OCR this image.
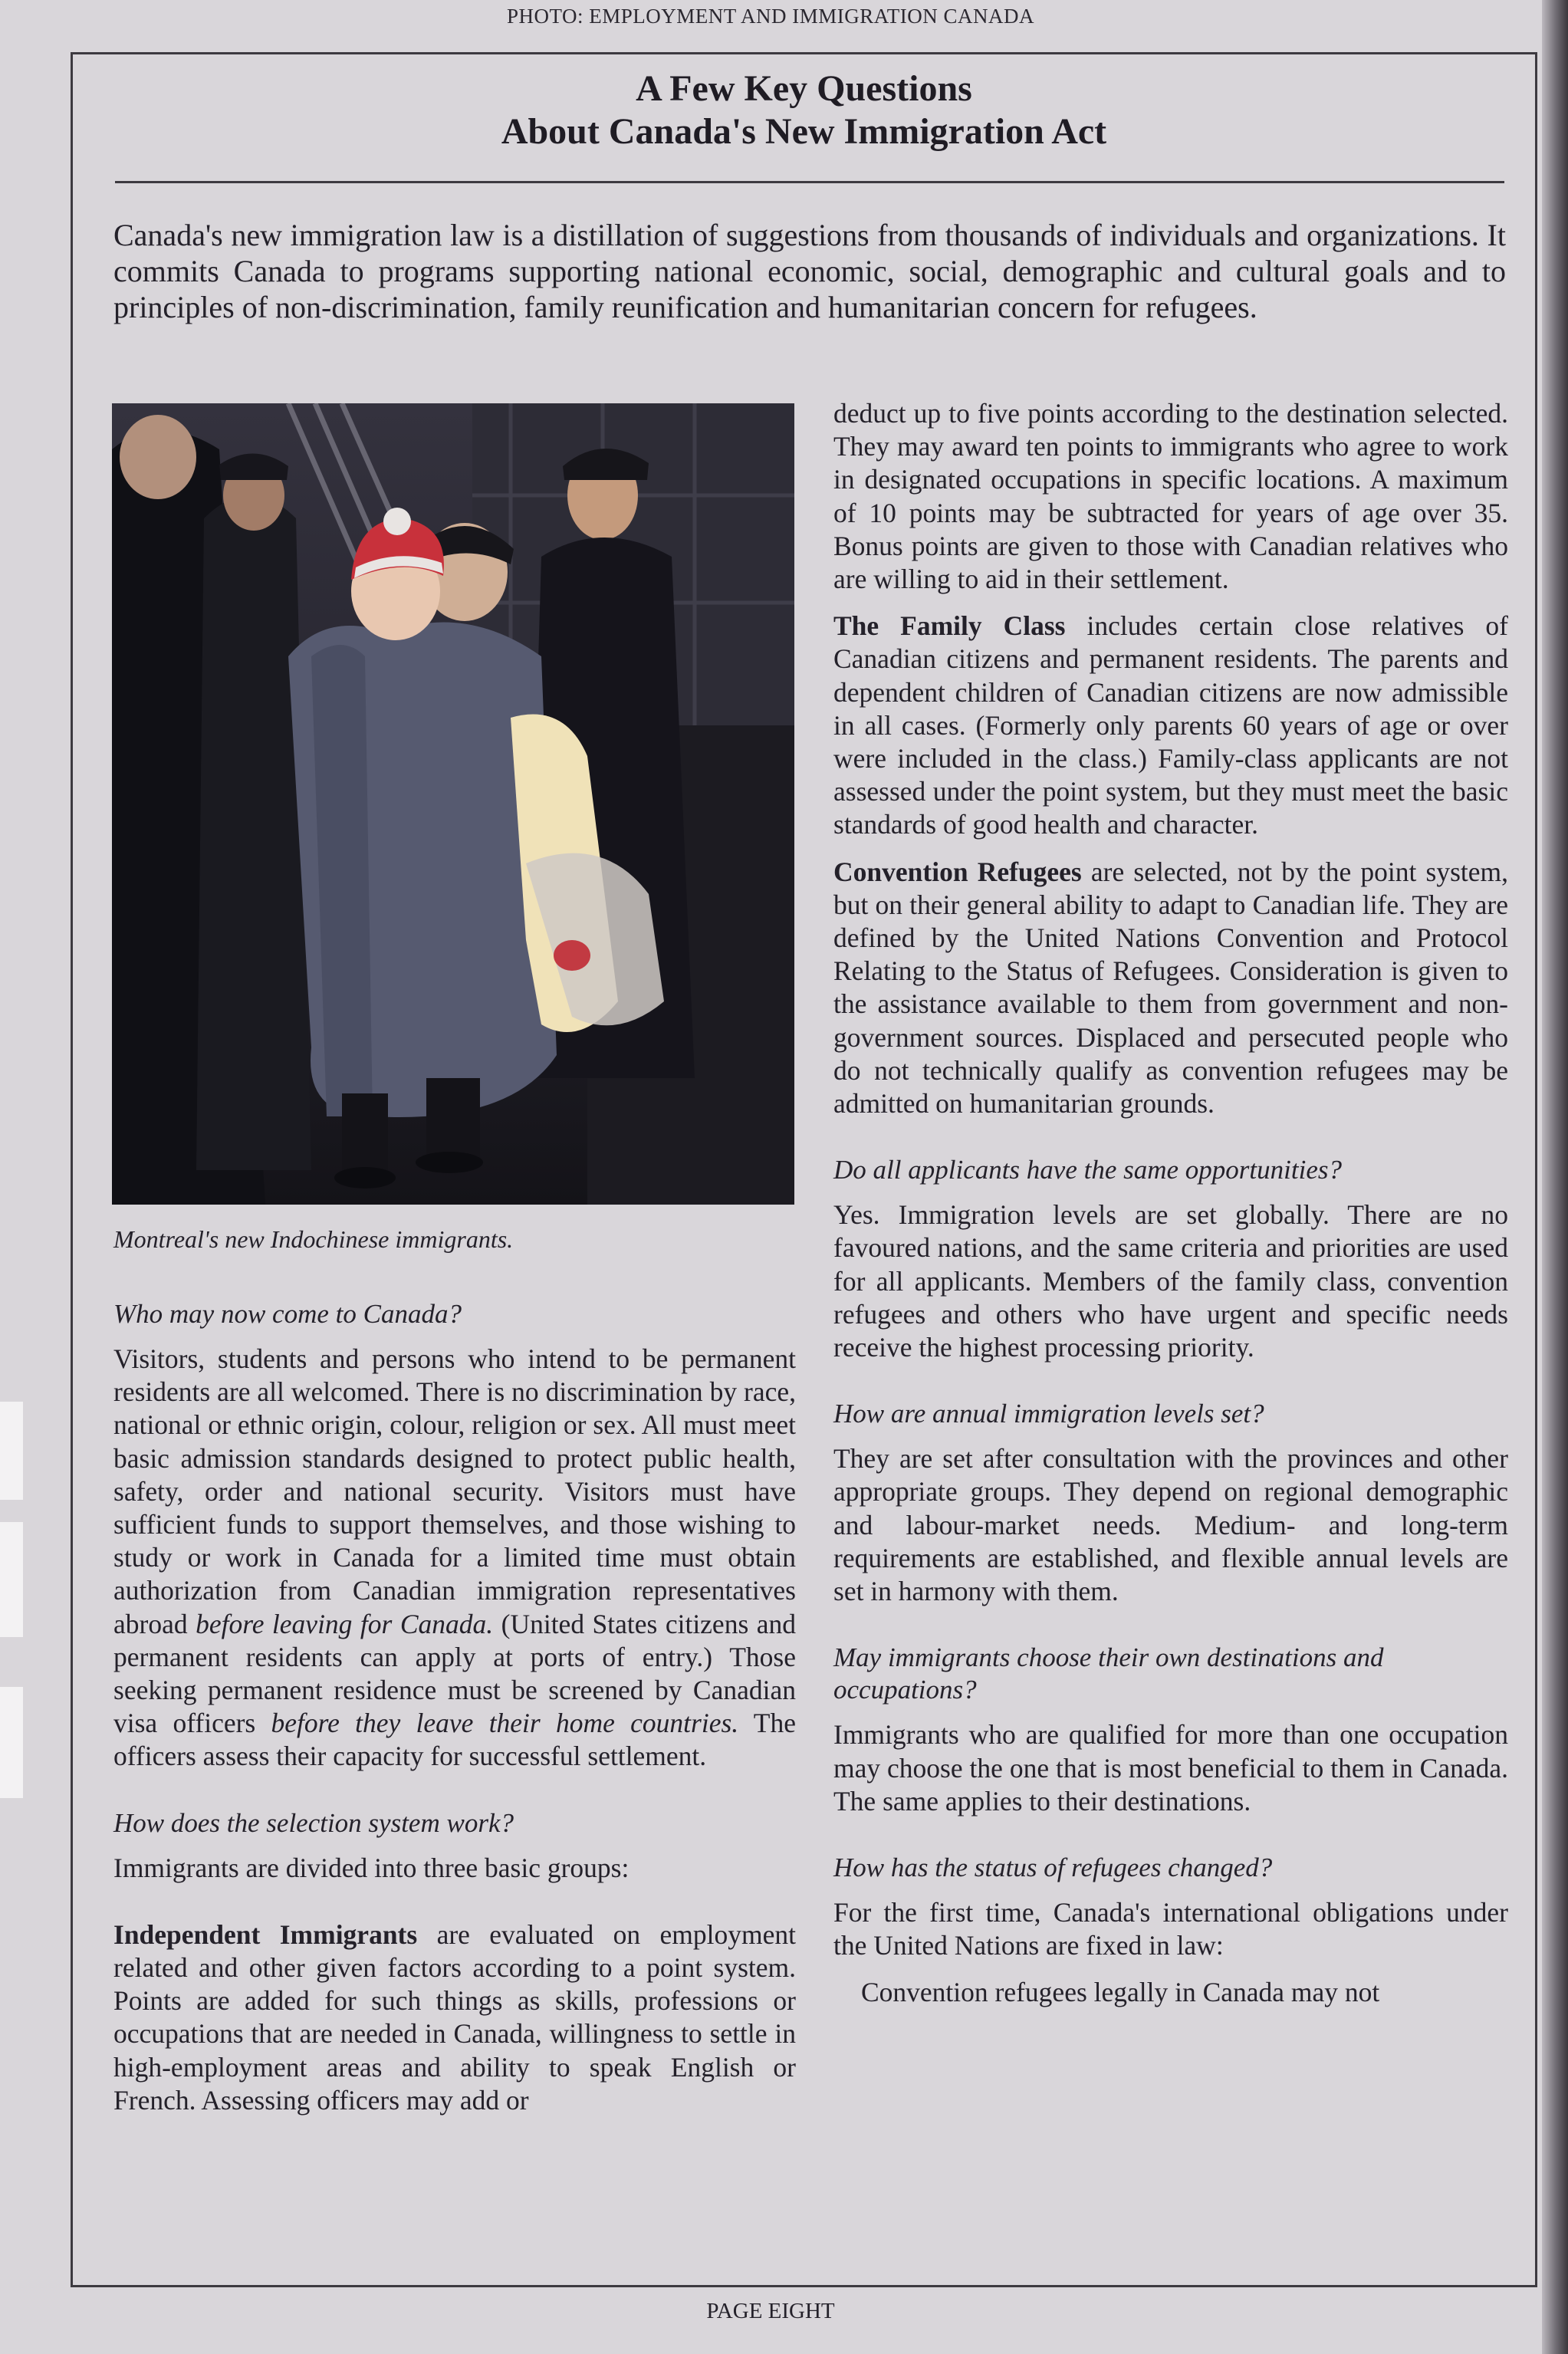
PHOTO: EMPLOYMENT AND IMMIGRATION CANADA
A Few Key Questions
About Canada's New Immigration Act
Canada's new immigration law is a distillation of suggestions from thousands of individuals and organizations. It commits Canada to programs supporting national economic, social, demographic and cultural goals and to principles of non-discrimination, family reunification and humanitarian concern for refugees.
Montreal's new Indochinese immigrants.
Who may now come to Canada?

Visitors, students and persons who intend to be permanent residents are all welcomed. There is no discrimination by race, national or ethnic origin, colour, religion or sex. All must meet basic admission standards designed to protect public health, safety, order and national security. Visitors must have sufficient funds to support themselves, and those wishing to study or work in Canada for a limited time must obtain authorization from Canadian immigration representatives abroad before leaving for Canada. (United States citizens and permanent residents can apply at ports of entry.) Those seeking permanent residence must be screened by Canadian visa officers before they leave their home countries. The officers assess their capacity for successful settlement.

How does the selection system work?

Immigrants are divided into three basic groups:

Independent Immigrants are evaluated on employment related and other given factors according to a point system. Points are added for such things as skills, professions or occupations that are needed in Canada, willingness to settle in high-employment areas and ability to speak English or French. Assessing officers may add or

deduct up to five points according to the destination selected. They may award ten points to immigrants who agree to work in designated occupations in specific locations. A maximum of 10 points may be subtracted for years of age over 35. Bonus points are given to those with Canadian relatives who are willing to aid in their settlement.

The Family Class includes certain close relatives of Canadian citizens and permanent residents. The parents and dependent children of Canadian citizens are now admissible in all cases. (Formerly only parents 60 years of age or over were included in the class.) Family-class applicants are not assessed under the point system, but they must meet the basic standards of good health and character.

Convention Refugees are selected, not by the point system, but on their general ability to adapt to Canadian life. They are defined by the United Nations Convention and Protocol Relating to the Status of Refugees. Consideration is given to the assistance available to them from government and non-government sources. Displaced and persecuted people who do not technically qualify as convention refugees may be admitted on humanitarian grounds.

Do all applicants have the same opportunities?

Yes. Immigration levels are set globally. There are no favoured nations, and the same criteria and priorities are used for all applicants. Members of the family class, convention refugees and others who have urgent and specific needs receive the highest processing priority.

How are annual immigration levels set?

They are set after consultation with the provinces and other appropriate groups. They depend on regional demographic and labour-market needs. Medium- and long-term requirements are established, and flexible annual levels are set in harmony with them.

May immigrants choose their own destinations and occupations?

Immigrants who are qualified for more than one occupation may choose the one that is most beneficial to them in Canada. The same applies to their destinations.

How has the status of refugees changed?

For the first time, Canada's international obligations under the United Nations are fixed in law:

Convention refugees legally in Canada may not

PAGE EIGHT
